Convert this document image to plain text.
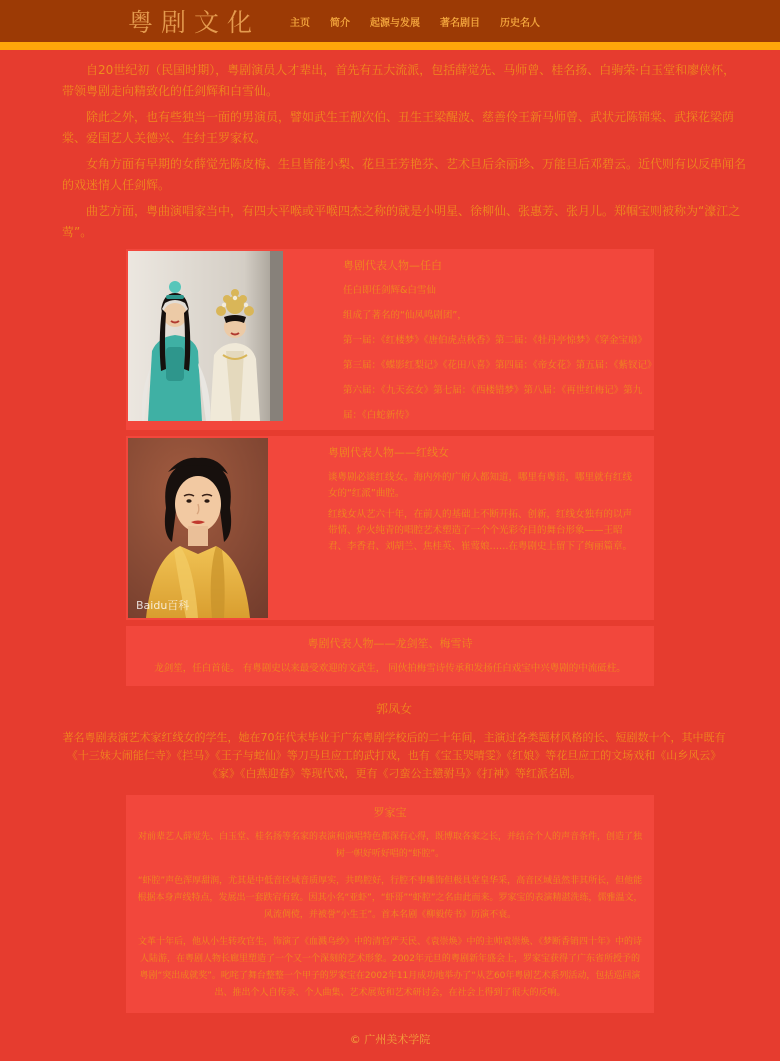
粤剧文化	主页 简介 起源与发展 著名剧目 历史名人

自20世纪初（民国时期），粤剧演员人才辈出，首先有五大流派，包括薛觉先、马师曾、桂名扬、白驹荣·白玉堂和廖侠怀，带领粤剧走向精致化的任剑辉和白雪仙。

除此之外，也有些独当一面的男演员，譬如武生王靓次伯、丑生王梁醒波、慈善伶王新马师曾、武状元陈锦棠、武探花梁荫棠、爱国艺人关德兴、生纣王罗家权。

女角方面有早期的女薛觉先陈皮梅、生旦皆能小梨、花旦王芳艳芬、艺术旦后余丽珍、万能旦后邓碧云。近代则有以反串闻名的戏迷情人任剑辉。

曲艺方面，粤曲演唱家当中，有四大平喉或平喉四杰之称的就是小明星、徐柳仙、张惠芳、张月儿。郑帼宝则被称为“濠江之莺”。

粤剧代表人物—任白

任白即任剑辉&白雪仙

组成了著名的“仙凤鸣剧团”，

第一届：《红楼梦》《唐伯虎点秋香》第二届：《牡丹亭惊梦》《穿金宝扇》

第三届：《蝶影红梨记》《花田八喜》第四届：《帝女花》第五届：《紫钗记》

第六届：《九天玄女》第七届：《西楼错梦》第八届：《再世红梅记》第九届：《白蛇新传》

Baidu百科

粤剧代表人物——红线女

谈粤剧必谈红线女。海内外的广府人都知道，哪里有粤语，哪里就有红线女的“红派”曲腔。

红线女从艺六十年，在前人的基础上不断开拓、创新，红线女独有的以声带情、炉火纯青的唱腔艺术塑造了一个个光彩夺目的舞台形象——王昭君、李香君、刘胡兰、焦桂英、崔莺娘……在粤剧史上留下了绚丽篇章。

粤剧代表人物——龙剑笙、梅雪诗

龙剑笙，任白首徒。 有粤剧史以来最受欢迎的文武生， 同伙拍梅雪诗传承和发扬任白戏宝中兴粤剧的中流砥柱。

郭凤女

著名粤剧表演艺术家红线女的学生，她在70年代末毕业于广东粤剧学校后的二十年间，主演过各类题材风格的长、短剧数十个，其中既有《十三妹大闹能仁寺》《拦马》《王子与蛇仙》等刀马旦应工的武打戏，也有《宝玉哭晴雯》《红娘》等花旦应工的文场戏和《山乡风云》《家》《白燕迎春》等现代戏，更有《刁蛮公主戆驸马》《打神》等红派名剧。

罗家宝

对前辈艺人薛觉先、白玉堂、桂名扬等名家的表演和演唱特色都深有心得，既博取各家之长，并结合个人的声音条件，创造了独树一帜好听好唱的“虾腔”。

“虾腔”声色浑厚甜润，尤其是中低音区域音质厚实，共鸣腔好，行腔不事雕饰但极具堂皇华采，高音区域虽然非其所长，但他能根据本身声线特点，发展出一套跌宕有致。因其小名“亚虾”，“虾哥”“虾腔”之名由此而来。罗家宝的表演精湛洗练，儒雅温文，风流倜傥，并被誉“小生王”。首本名剧《柳毅传书》历演不衰。

文革十年后，他从小生转攻官生，饰演了《血溅乌纱》中的清官严天民、《袁崇焕》中的主帅袁崇焕、《梦断香销四十年》中的诗人陆游，在粤剧人物长廊里塑造了一个又一个深刻的艺术形象。2002年元旦的粤剧新年盛会上，罗家宝获得了广东省所授予的粤剧“突出成就奖”。叱咤了舞台整整一个甲子的罗家宝在2002年11月成功地举办了“从艺60年粤剧艺术系列活动，包括巡回演出、推出个人自传录、个人曲集、艺术展览和艺术研讨会，在社会上得到了很大的反响。

© 广州美术学院
